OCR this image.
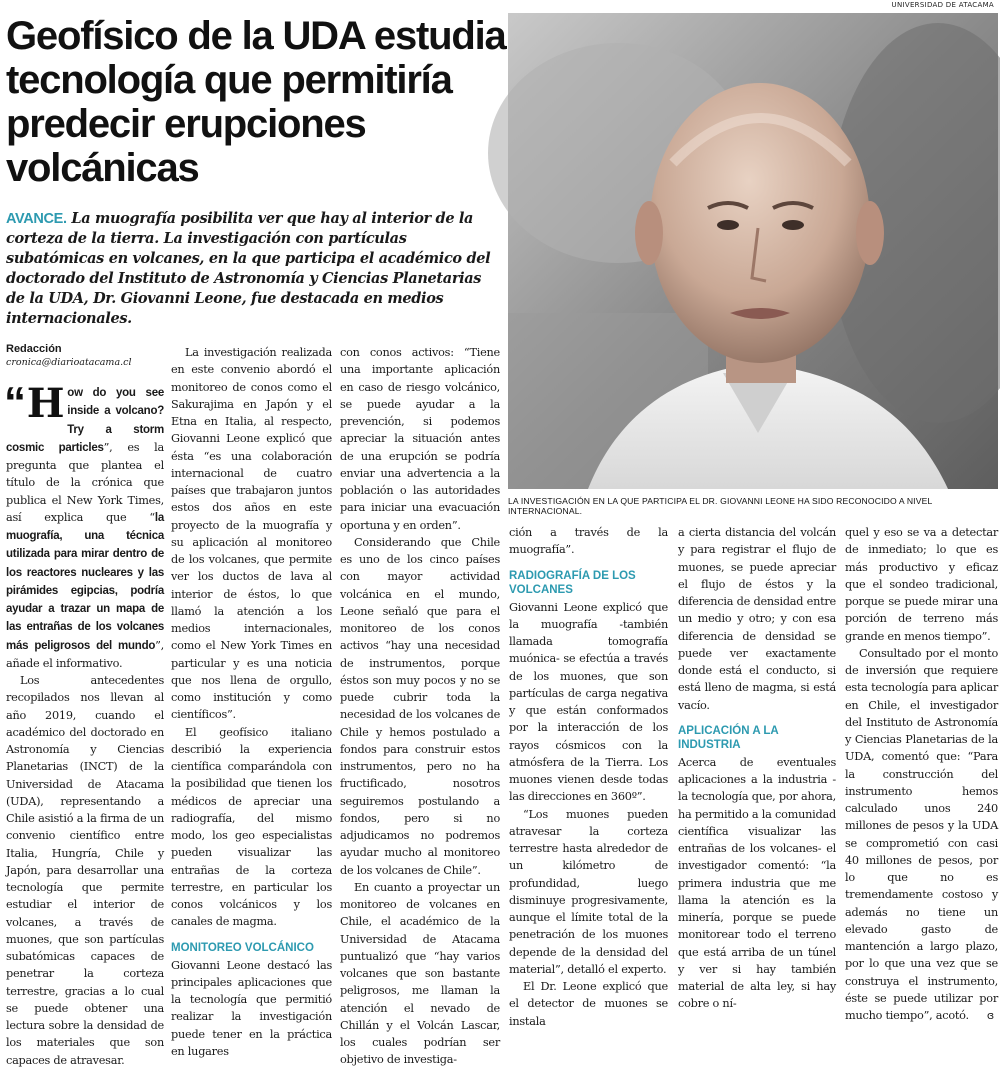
UNIVERSIDAD DE ATACAMA
Geofísico de la UDA estudia tecnología que permitiría predecir erupciones volcánicas

AVANCE. La muografía posibilita ver que hay al interior de la corteza de la tierra. La investigación con partículas subatómicas en volcanes, en la que participa el académico del doctorado del Instituto de Astronomía y Ciencias Planetarias de la UDA, Dr. Giovanni Leone, fue destacada en medios internacionales.

LA INVESTIGACIÓN EN LA QUE PARTICIPA EL DR. GIOVANNI LEONE HA SIDO RECONOCIDO A NIVEL INTERNACIONAL.

Redacción
cronica@diarioatacama.cl

“ H ow do you see inside a volcano? Try a storm cosmic particles”, es la pregunta que plantea el título de la crónica que publica el New York Times, así explica que “la muografía, una técnica utilizada para mirar dentro de los reactores nucleares y las pirámides egipcias, podría ayudar a trazar un mapa de las entrañas de los volcanes más peligrosos del mundo”, añade el informativo.

Los antecedentes recopilados nos llevan al año 2019, cuando el académico del doctorado en Astronomía y Ciencias Planetarias (INCT) de la Universidad de Atacama (UDA), representando a Chile asistió a la firma de un convenio científico entre Italia, Hungría, Chile y Japón, para desarrollar una tecnología que permite estudiar el interior de volcanes, a través de muones, que son partículas subatómicas capaces de penetrar la corteza terrestre, gracias a lo cual se puede obtener una lectura sobre la densidad de los materiales que son capaces de atravesar.

La investigación realizada en este convenio abordó el monitoreo de conos como el Sakurajima en Japón y el Etna en Italia, al respecto, Giovanni Leone explicó que ésta “es una colaboración internacional de cuatro países que trabajaron juntos estos dos años en este proyecto de la muografía y su aplicación al monitoreo de los volcanes, que permite ver los ductos de lava al interior de éstos, lo que llamó la atención a los medios internacionales, como el New York Times en particular y es una noticia que nos llena de orgullo, como institución y como científicos”.

El geofísico italiano describió la experiencia científica comparándola con la posibilidad que tienen los médicos de apreciar una radiografía, del mismo modo, los geo especialistas pueden visualizar las entrañas de la corteza terrestre, en particular los conos volcánicos y los canales de magma.

MONITOREO VOLCÁNICO

Giovanni Leone destacó las principales aplicaciones que la tecnología que permitió realizar la investigación puede tener en la práctica en lugares

con conos activos: “Tiene una importante aplicación en caso de riesgo volcánico, se puede ayudar a la prevención, si podemos apreciar la situación antes de una erupción se podría enviar una advertencia a la población o las autoridades para iniciar una evacuación oportuna y en orden”.

Considerando que Chile es uno de los cinco países con mayor actividad volcánica en el mundo, Leone señaló que para el monitoreo de los conos activos “hay una necesidad de instrumentos, porque éstos son muy pocos y no se puede cubrir toda la necesidad de los volcanes de Chile y hemos postulado a fondos para construir estos instrumentos, pero no ha fructificado, nosotros seguiremos postulando a fondos, pero si no adjudicamos no podremos ayudar mucho al monitoreo de los volcanes de Chile”.

En cuanto a proyectar un monitoreo de volcanes en Chile, el académico de la Universidad de Atacama puntualizó que “hay varios volcanes que son bastante peligrosos, me llaman la atención el nevado de Chillán y el Volcán Lascar, los cuales podrían ser objetivo de investiga-

ción a través de la muografía”.

RADIOGRAFÍA DE LOS VOLCANES

Giovanni Leone explicó que la muografía -también llamada tomografía muónica- se efectúa a través de los muones, que son partículas de carga negativa y que están conformados por la interacción de los rayos cósmicos con la atmósfera de la Tierra. Los muones vienen desde todas las direcciones en 360º”.

“Los muones pueden atravesar la corteza terrestre hasta alrededor de un kilómetro de profundidad, luego disminuye progresivamente, aunque el límite total de la penetración de los muones depende de la densidad del material”, detalló el experto.

El Dr. Leone explicó que el detector de muones se instala

a cierta distancia del volcán y para registrar el flujo de muones, se puede apreciar el flujo de éstos y la diferencia de densidad entre un medio y otro; y con esa diferencia de densidad se puede ver exactamente donde está el conducto, si está lleno de magma, si está vacío.

APLICACIÓN A LA INDUSTRIA

Acerca de eventuales aplicaciones a la industria -la tecnología que, por ahora, ha permitido a la comunidad científica visualizar las entrañas de los volcanes- el investigador comentó: “la primera industria que me llama la atención es la minería, porque se puede monitorear todo el terreno que está arriba de un túnel y ver si hay también material de alta ley, si hay cobre o ní-

quel y eso se va a detectar de inmediato; lo que es más productivo y eficaz que el sondeo tradicional, porque se puede mirar una porción de terreno más grande en menos tiempo”.

Consultado por el monto de inversión que requiere esta tecnología para aplicar en Chile, el investigador del Instituto de Astronomía y Ciencias Planetarias de la UDA, comentó que: “Para la construcción del instrumento hemos calculado unos 240 millones de pesos y la UDA se comprometió con casi 40 millones de pesos, por lo que no es tremendamente costoso y además no tiene un elevado gasto de mantención a largo plazo, por lo que una vez que se construya el instrumento, éste se puede utilizar por mucho tiempo”, acotó. ɞ
